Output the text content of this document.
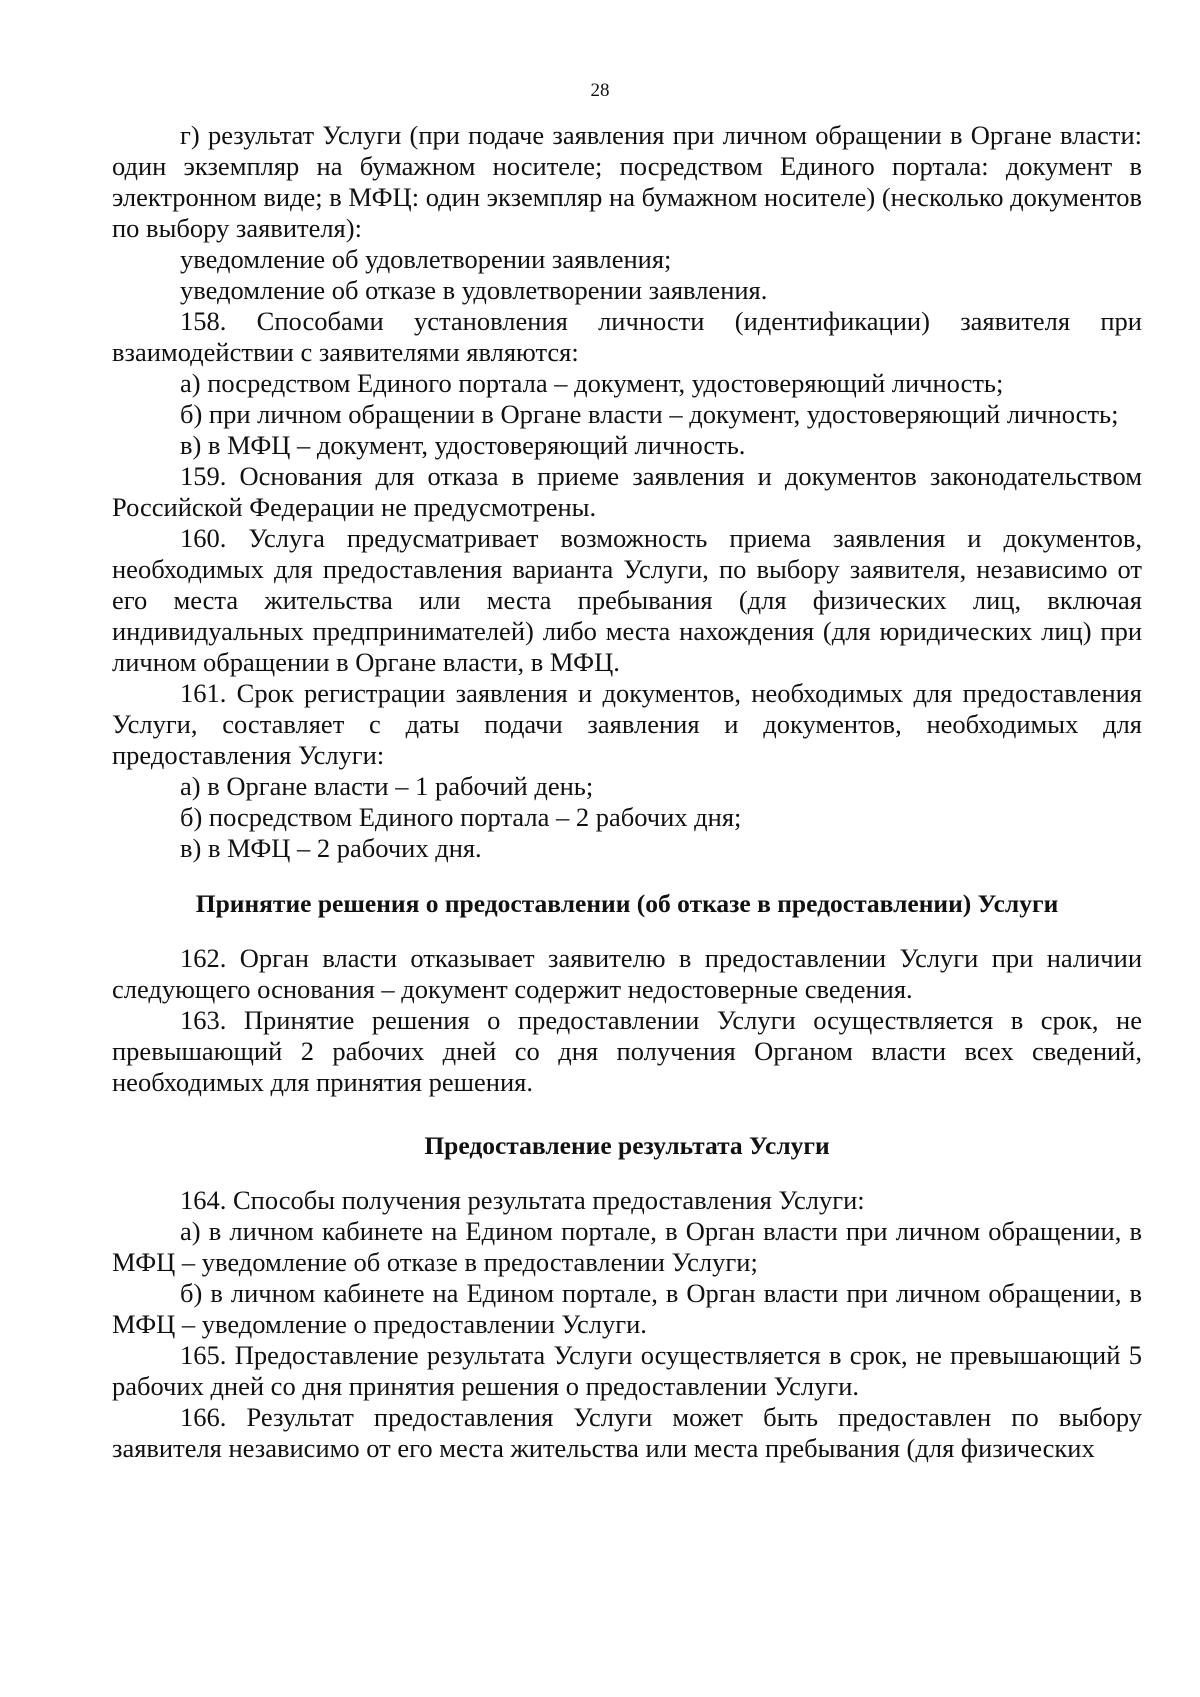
28

г) результат Услуги (при подаче заявления при личном обращении в Органе власти: один экземпляр на бумажном носителе; посредством Единого портала: документ в электронном виде; в МФЦ: один экземпляр на бумажном носителе) (несколько документов по выбору заявителя):

уведомление об удовлетворении заявления;

уведомление об отказе в удовлетворении заявления.

158. Способами установления личности (идентификации) заявителя при взаимодействии с заявителями являются:

а) посредством Единого портала – документ, удостоверяющий личность;

б) при личном обращении в Органе власти – документ, удостоверяющий личность;

в) в МФЦ – документ, удостоверяющий личность.

159. Основания для отказа в приеме заявления и документов законодательством Российской Федерации не предусмотрены.

160. Услуга предусматривает возможность приема заявления и документов, необходимых для предоставления варианта Услуги, по выбору заявителя, независимо от его места жительства или места пребывания (для физических лиц, включая индивидуальных предпринимателей) либо места нахождения (для юридических лиц) при личном обращении в Органе власти, в МФЦ.

161. Срок регистрации заявления и документов, необходимых для предоставления Услуги, составляет с даты подачи заявления и документов, необходимых для предоставления Услуги:

а) в Органе власти – 1 рабочий день;

б) посредством Единого портала – 2 рабочих дня;

в) в МФЦ – 2 рабочих дня.

Принятие решения о предоставлении (об отказе в предоставлении) Услуги

162. Орган власти отказывает заявителю в предоставлении Услуги при наличии следующего основания – документ содержит недостоверные сведения.

163. Принятие решения о предоставлении Услуги осуществляется в срок, не превышающий 2 рабочих дней со дня получения Органом власти всех сведений, необходимых для принятия решения.

Предоставление результата Услуги

164. Способы получения результата предоставления Услуги:

а) в личном кабинете на Едином портале, в Орган власти при личном обращении, в МФЦ – уведомление об отказе в предоставлении Услуги;

б) в личном кабинете на Едином портале, в Орган власти при личном обращении, в МФЦ – уведомление о предоставлении Услуги.

165. Предоставление результата Услуги осуществляется в срок, не превышающий 5 рабочих дней со дня принятия решения о предоставлении Услуги.

166. Результат предоставления Услуги может быть предоставлен по выбору заявителя независимо от его места жительства или места пребывания (для физических
